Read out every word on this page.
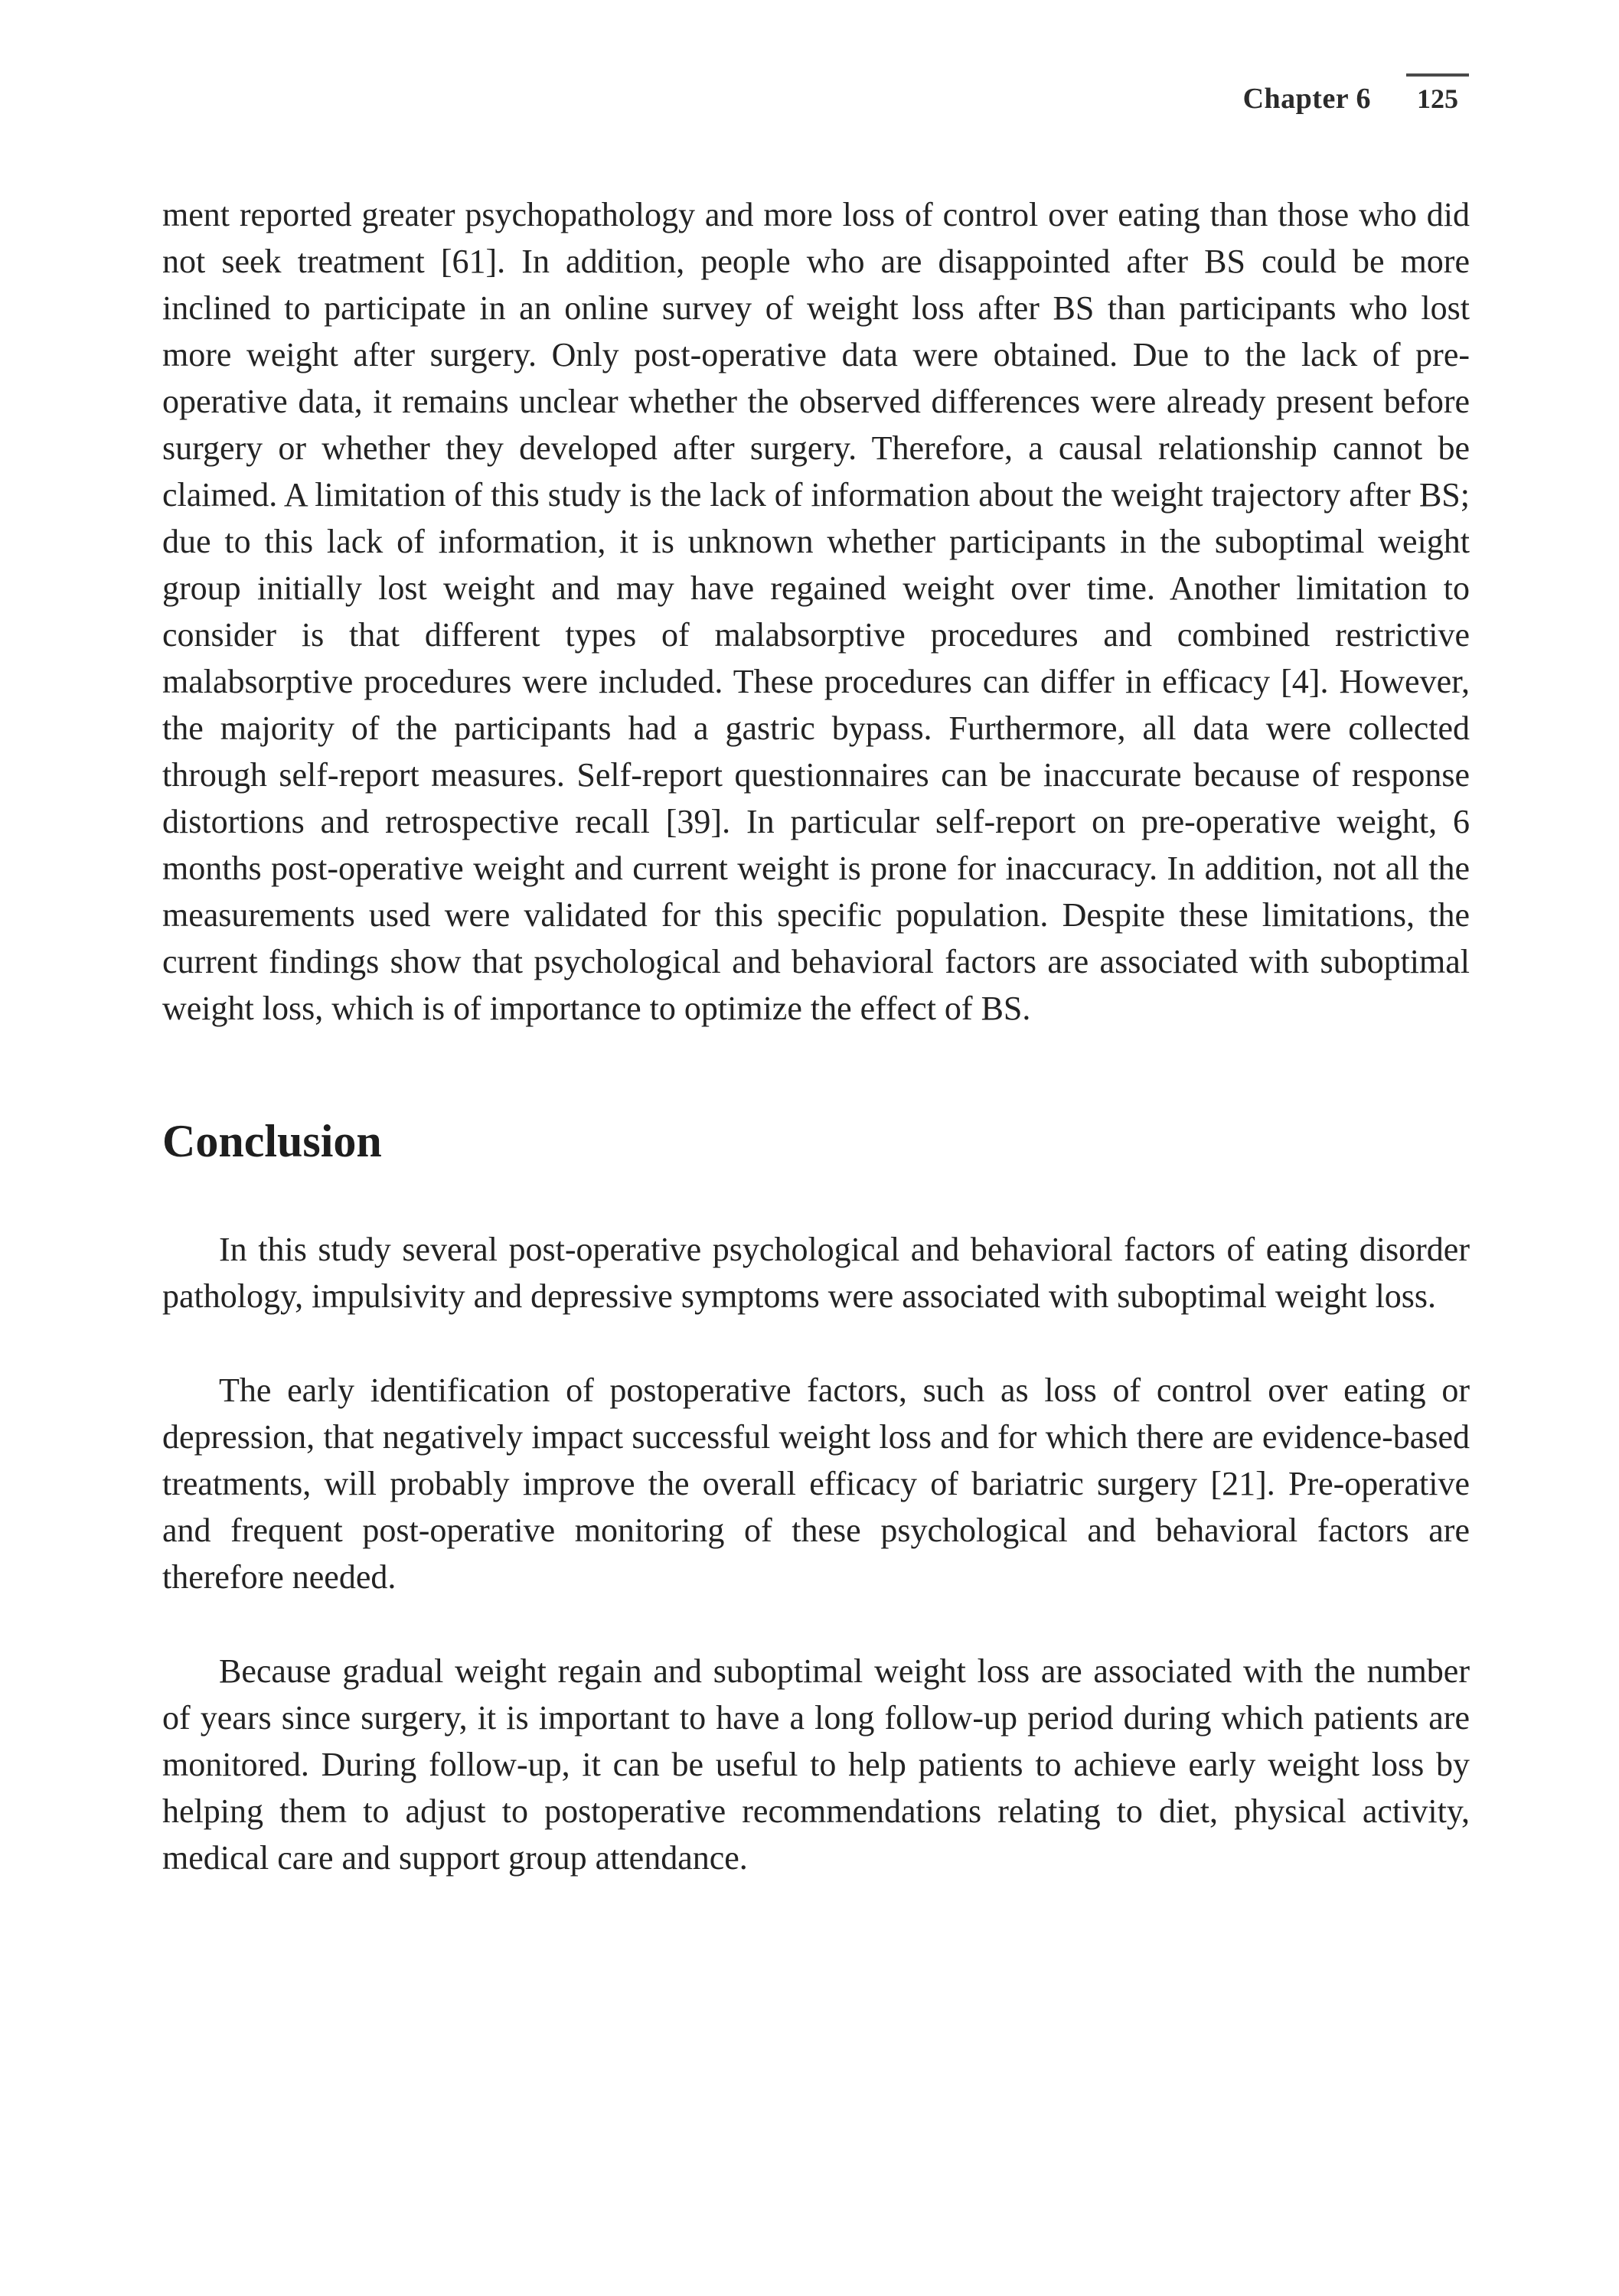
Chapter 6	125

ment reported greater psychopathology and more loss of control over eating than those who did not seek treatment [61]. In addition, people who are disappointed after BS could be more inclined to participate in an online survey of weight loss after BS than participants who lost more weight after surgery. Only post-operative data were obtained. Due to the lack of pre-operative data, it remains unclear whether the observed differences were already present before surgery or whether they developed after surgery. Therefore, a causal relationship cannot be claimed. A limitation of this study is the lack of information about the weight trajectory after BS; due to this lack of information, it is unknown whether participants in the suboptimal weight group initially lost weight and may have regained weight over time. Another limitation to consider is that different types of malabsorptive procedures and combined restrictive malabsorptive procedures were included. These procedures can differ in efficacy [4]. However, the majority of the participants had a gastric bypass. Furthermore, all data were collected through self-report measures. Self-report questionnaires can be inaccurate because of response distortions and retrospective recall [39]. In particular self-report on pre-operative weight, 6 months post-operative weight and current weight is prone for inaccuracy. In addition, not all the measurements used were validated for this specific population. Despite these limitations, the current findings show that psychological and behavioral factors are associated with suboptimal weight loss, which is of importance to optimize the effect of BS.

Conclusion

In this study several post-operative psychological and behavioral factors of eating disorder pathology, impulsivity and depressive symptoms were associated with suboptimal weight loss.

The early identification of postoperative factors, such as loss of control over eating or depression, that negatively impact successful weight loss and for which there are evidence-based treatments, will probably improve the overall efficacy of bariatric surgery [21]. Pre-operative and frequent post-operative monitoring of these psychological and behavioral factors are therefore needed.

Because gradual weight regain and suboptimal weight loss are associated with the number of years since surgery, it is important to have a long follow-up period during which patients are monitored. During follow-up, it can be useful to help patients to achieve early weight loss by helping them to adjust to postoperative recommendations relating to diet, physical activity, medical care and support group attendance.
